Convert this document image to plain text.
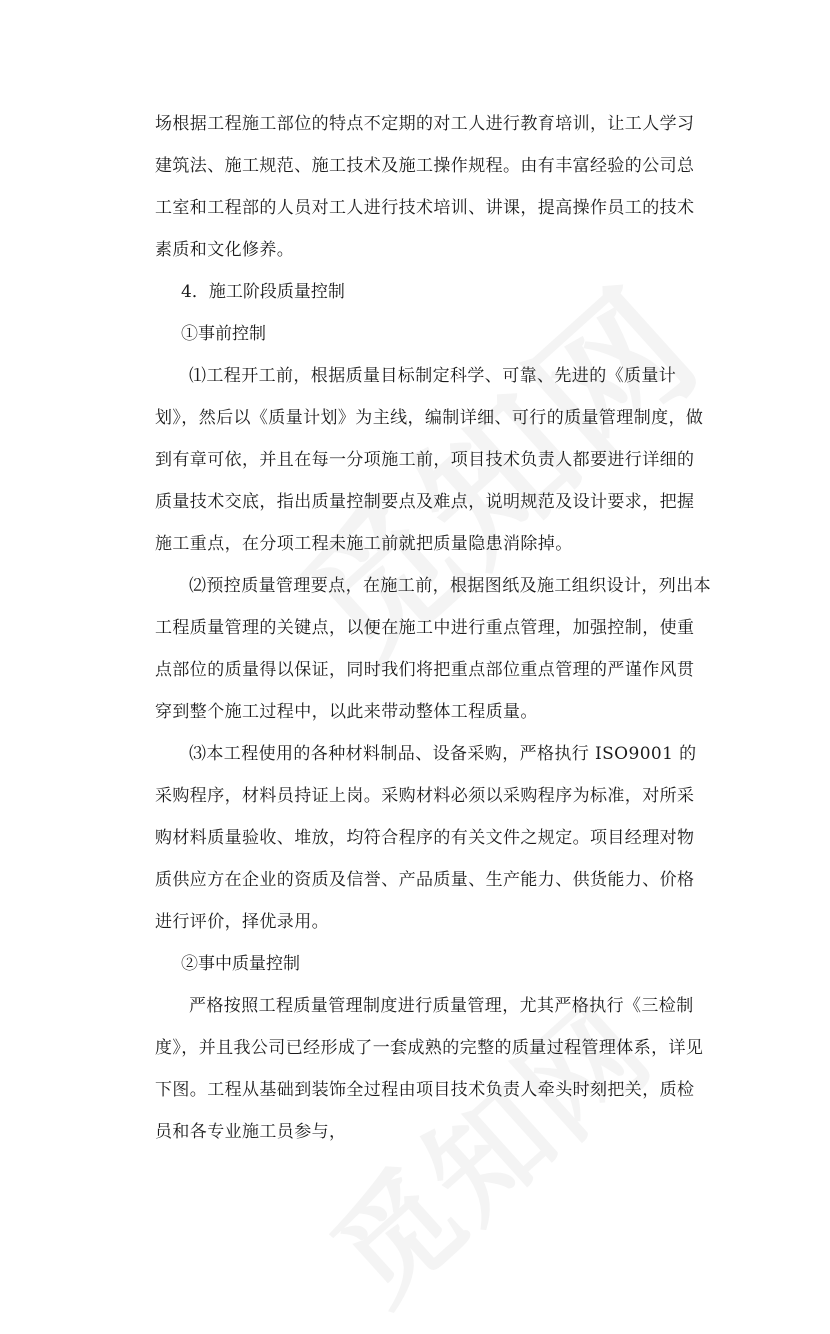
场根据工程施工部位的特点不定期的对工人进行教育培训，让工人学习建筑法、施工规范、施工技术及施工操作规程。由有丰富经验的公司总工室和工程部的人员对工人进行技术培训、讲课，提高操作员工的技术素质和文化修养。

4．施工阶段质量控制

①事前控制

⑴工程开工前，根据质量目标制定科学、可靠、先进的《质量计划》，然后以《质量计划》为主线，编制详细、可行的质量管理制度，做到有章可依，并且在每一分项施工前，项目技术负责人都要进行详细的质量技术交底，指出质量控制要点及难点，说明规范及设计要求，把握施工重点，在分项工程未施工前就把质量隐患消除掉。

⑵预控质量管理要点，在施工前，根据图纸及施工组织设计，列出本工程质量管理的关键点，以便在施工中进行重点管理，加强控制，使重点部位的质量得以保证，同时我们将把重点部位重点管理的严谨作风贯穿到整个施工过程中，以此来带动整体工程质量。

⑶本工程使用的各种材料制品、设备采购，严格执行 ISO9001 的采购程序，材料员持证上岗。采购材料必须以采购程序为标准，对所采购材料质量验收、堆放，均符合程序的有关文件之规定。项目经理对物质供应方在企业的资质及信誉、产品质量、生产能力、供货能力、价格进行评价，择优录用。

②事中质量控制

严格按照工程质量管理制度进行质量管理，尤其严格执行《三检制度》，并且我公司已经形成了一套成熟的完整的质量过程管理体系，详见下图。工程从基础到装饰全过程由项目技术负责人牵头时刻把关，质检员和各专业施工员参与，
